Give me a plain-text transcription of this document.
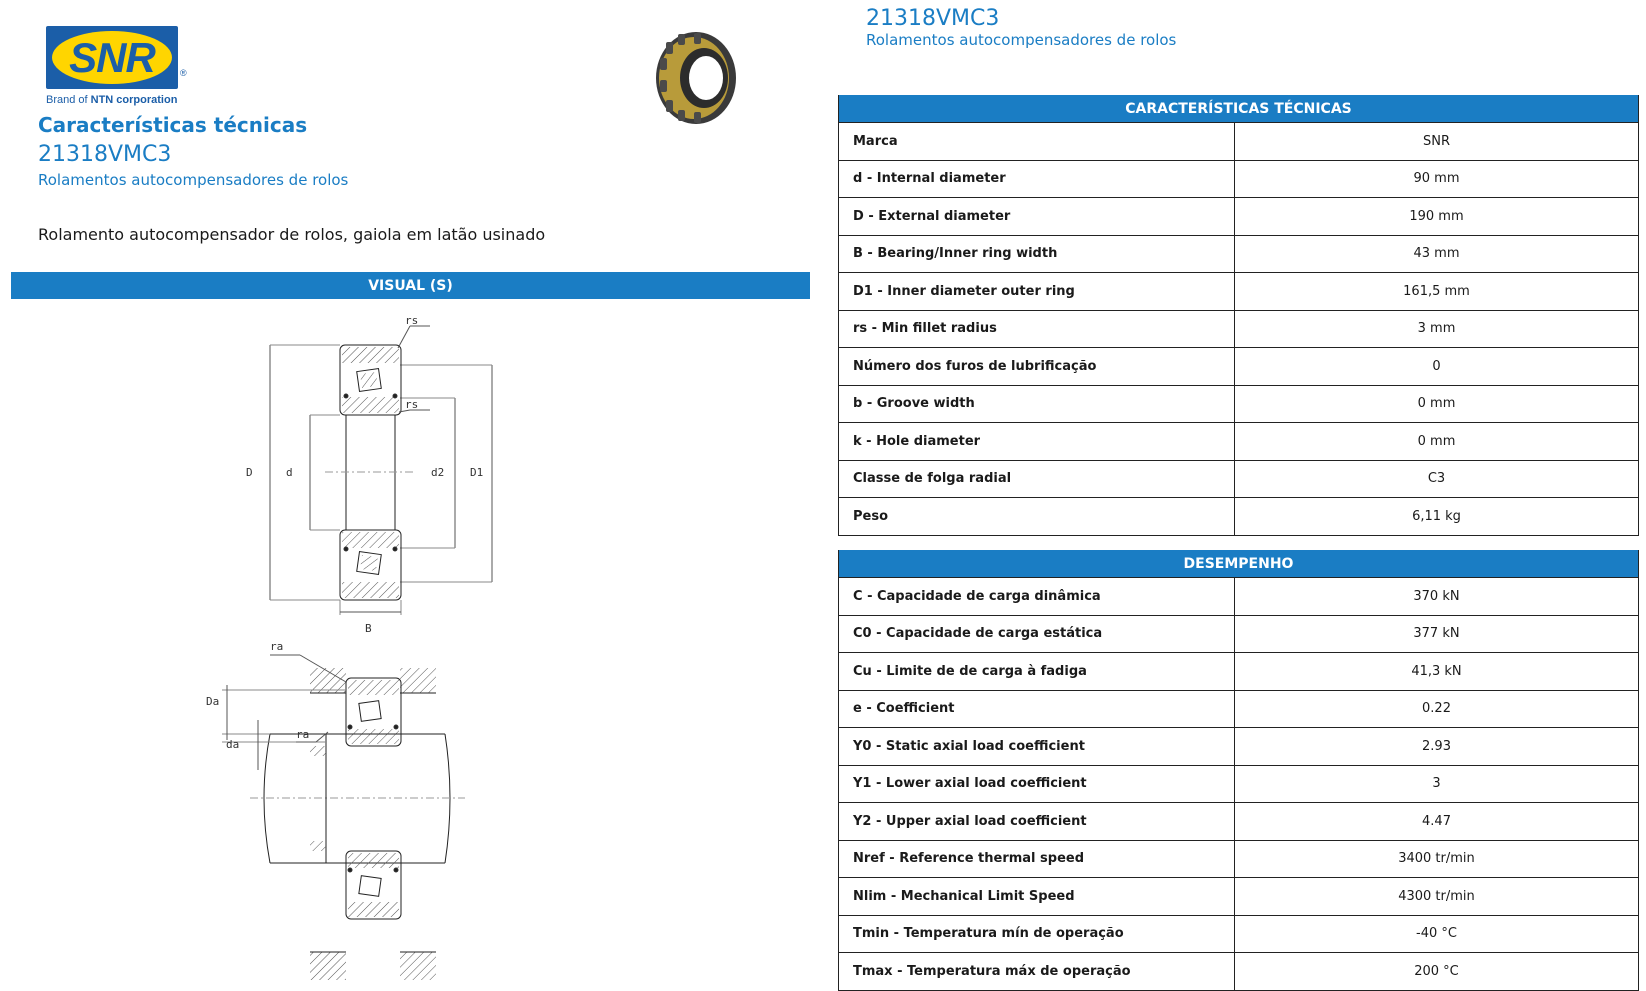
SNR	®
Brand of NTN corporation
Características técnicas
21318VMC3
Rolamentos autocompensadores de rolos
Rolamento autocompensador de rolos, gaiola em latão usinado
VISUAL (S)
rs
rs
D	d	d2 D1
B
ra
ra
Da
da
21318VMC3
Rolamentos autocompensadores de rolos
CARACTERÍSTICAS TÉCNICAS
Marca	SNR
d - Internal diameter	90 mm
D - External diameter	190 mm
B - Bearing/Inner ring width	43 mm
D1 - Inner diameter outer ring	161,5 mm
rs - Min fillet radius	3 mm
Número dos furos de lubrificação	0
b - Groove width	0 mm
k - Hole diameter	0 mm
Classe de folga radial	C3
Peso	6,11 kg
DESEMPENHO
C - Capacidade de carga dinâmica	370 kN
C0 - Capacidade de carga estática	377 kN
Cu - Limite de de carga à fadiga	41,3 kN
e - Coefficient	0.22
Y0 - Static axial load coefficient	2.93
Y1 - Lower axial load coefficient	3
Y2 - Upper axial load coefficient	4.47
Nref - Reference thermal speed	3400 tr/min
Nlim - Mechanical Limit Speed	4300 tr/min
Tmin - Temperatura mín de operação	-40 °C
Tmax - Temperatura máx de operação	200 °C
